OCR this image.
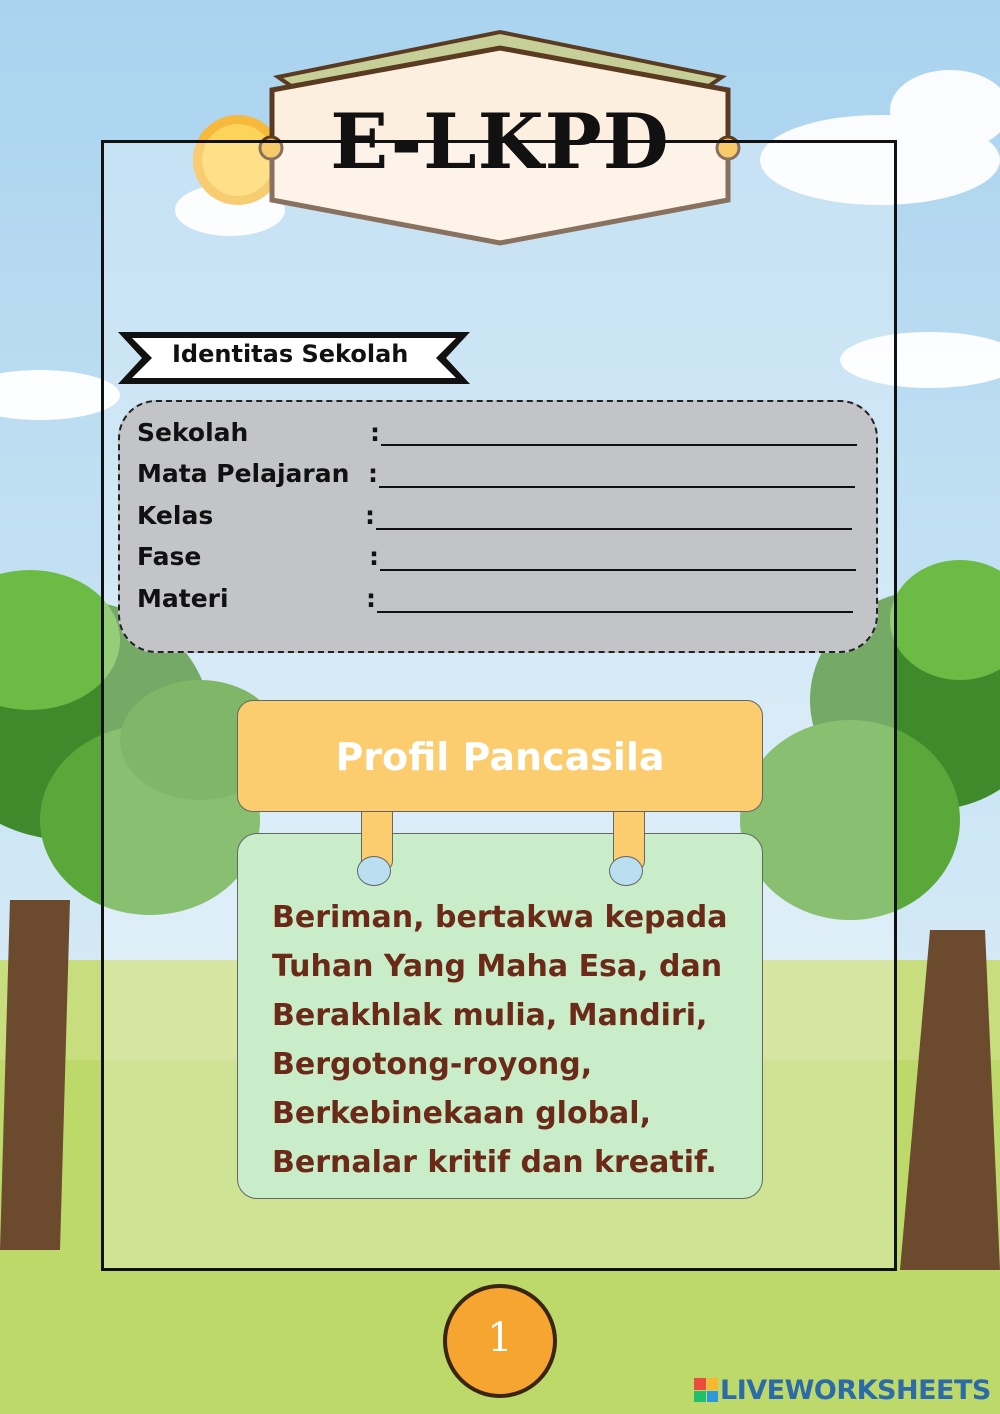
E-LKPD
Identitas Sekolah
Sekolah	:
Mata Pelajaran :
Kelas	:
Fase	:
Materi	:
Profil Pancasila
Beriman, bertakwa kepada
Tuhan Yang Maha Esa, dan
Berakhlak mulia, Mandiri,
Bergotong-royong,
Berkebinekaan global,
Bernalar kritif dan kreatif.
1
LIVEWORKSHEETS
